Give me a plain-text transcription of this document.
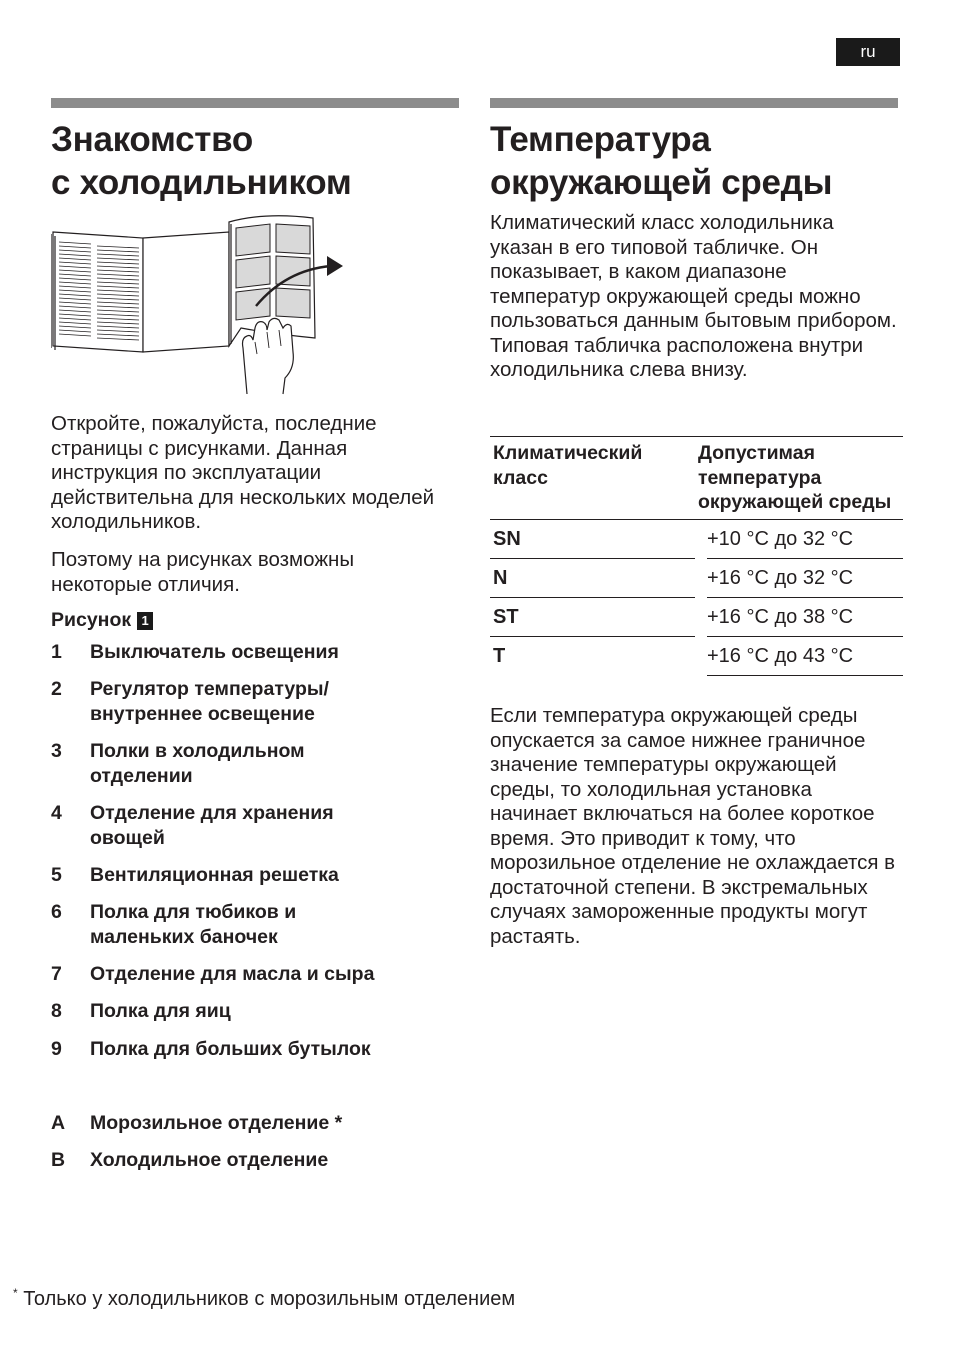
ru
Знакомство
с холодильником
Температура
окружающей среды

Откройте, пожалуйста, последние страницы с рисунками. Данная инструкция по эксплуатации действительна для нескольких моделей холодильников.

Поэтому на рисунках возможны некоторые отличия.

Рисунок 1
1	Выключатель освещения
2	Регулятор температуры/ внутреннее освещение
3	Полки в холодильном отделении
4	Отделение для хранения овощей
5	Вентиляционная решетка
6	Полка для тюбиков и маленьких баночек
7	Отделение для масла и сыра
8	Полка для яиц
9	Полка для больших бутылок
A	Морозильное отделение *
B	Холодильное отделение

Климатический класс холодильника указан в его типовой табличке. Он показывает, в каком диапазоне температур окружающей среды можно пользоваться данным бытовым прибором. Типовая табличка расположена внутри холодильника слева внизу.

Климатический класс	Допустимая температура окружающей среды	
SN		+10 °C до 32 °C
N		+16 °C до 32 °C
ST		+16 °C до 38 °C
T		+16 °C до 43 °C

Если температура окружающей среды опускается за самое нижнее граничное значение температуры окружающей среды, то холодильная установка начинает включаться на более короткое время. Это приводит к тому, что морозильное отделение не охлаждается в достаточной степени. В экстремальных случаях замороженные продукты могут растаять.

* Только у холодильников с морозильным отделением
